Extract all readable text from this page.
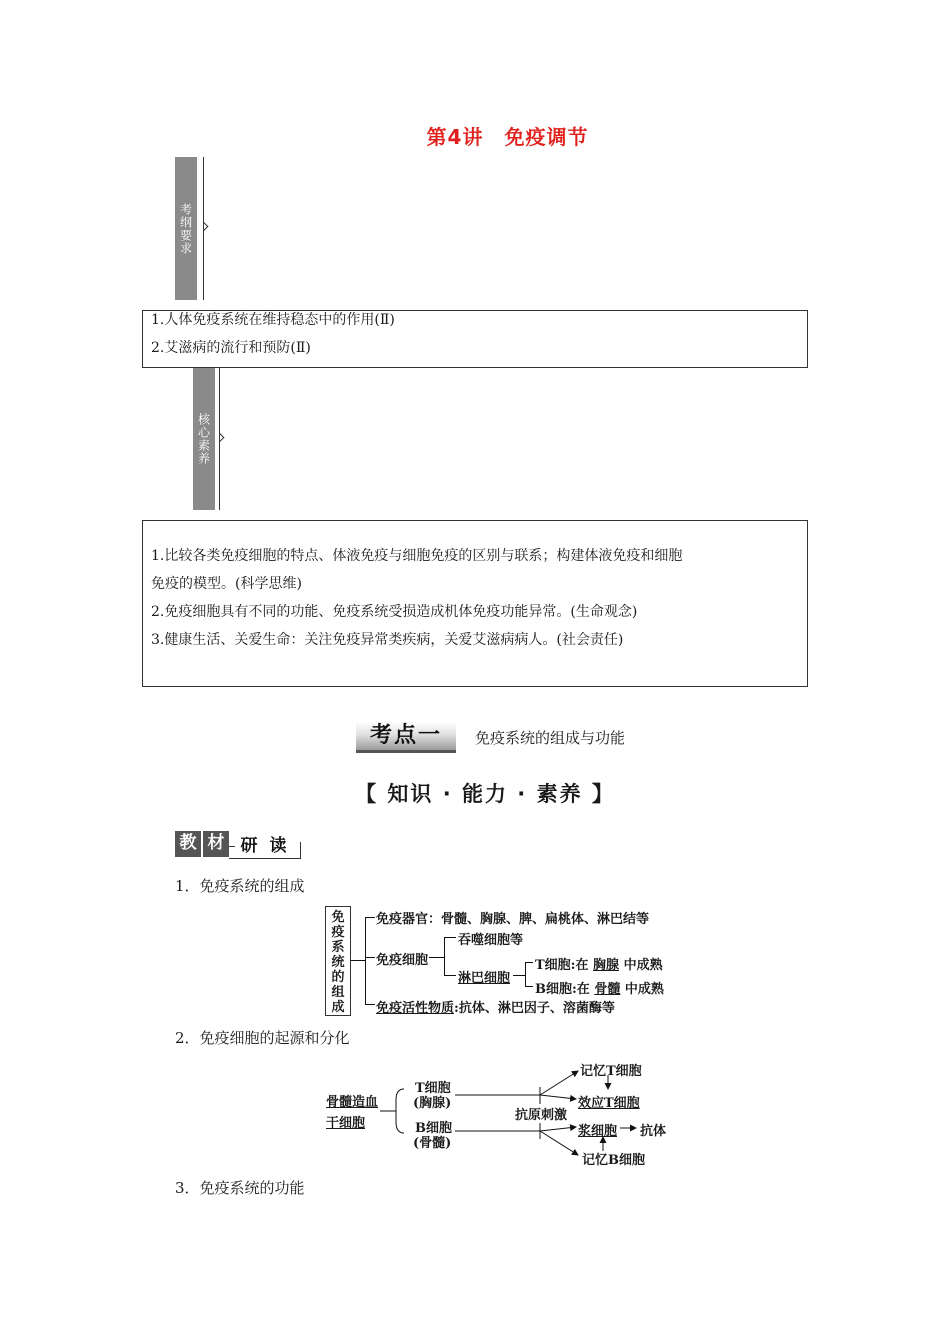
第4讲　免疫调节
考纲要求
1.人体免疫系统在维持稳态中的作用(Ⅱ)
2.艾滋病的流行和预防(Ⅱ)
核心素养
1.比较各类免疫细胞的特点、体液免疫与细胞免疫的区别与联系；构建体液免疫和细胞
免疫的模型。(科学思维)
2.免疫细胞具有不同的功能、免疫系统受损造成机体免疫功能异常。(生命观念)
3.健康生活、关爱生命：关注免疫异常类疾病，关爱艾滋病病人。(社会责任)
考点一	免疫系统的组成与功能
【 知识 · 能力 · 素养 】
教 材 研 读
1．免疫系统的组成
免疫系统的组成
免疫器官：骨髓、胸腺、脾、扁桃体、淋巴结等
免疫细胞
吞噬细胞等
淋巴细胞
T细胞:在 胸腺 中成熟
B细胞:在 骨髓 中成熟
免疫活性物质:抗体、淋巴因子、溶菌酶等
2．免疫细胞的起源和分化
骨髓造血
干细胞
T细胞
(胸腺)
B细胞
(骨髓)
抗原刺激
记忆T细胞
效应T细胞
浆细胞 抗体
记忆B细胞
3．免疫系统的功能
